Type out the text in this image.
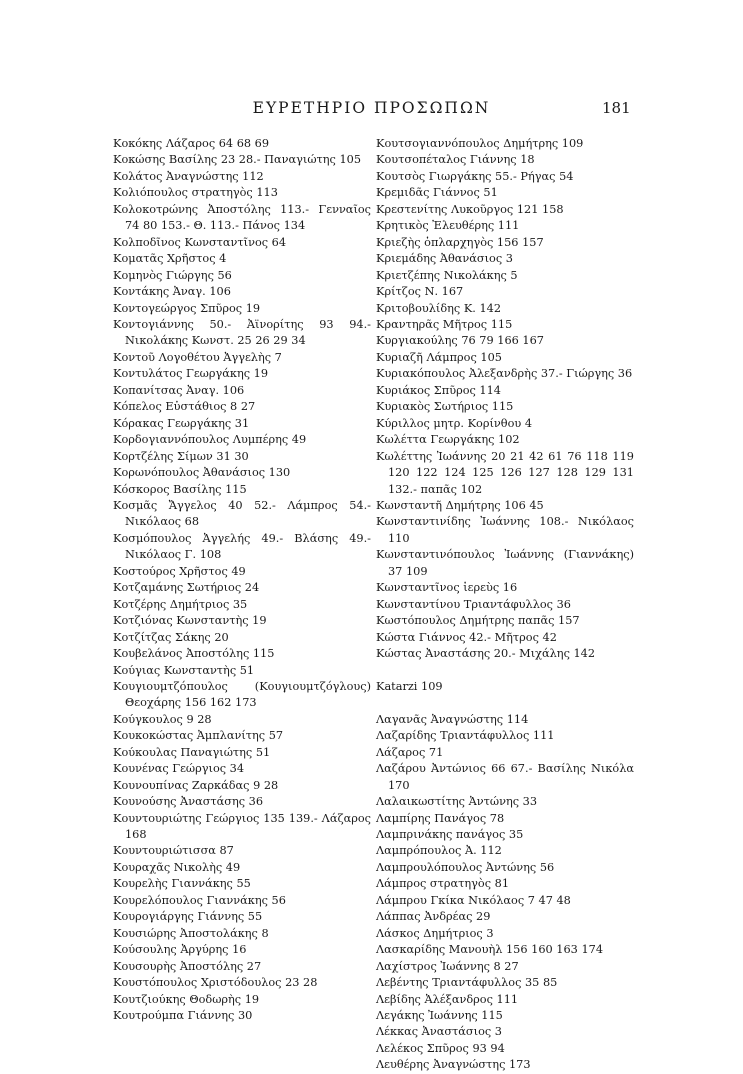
ΕΥΡΕΤΗΡΙΟ ΠΡΟΣΩΠΩΝ	181
Κοκόκης Λάζαρος 64 68 69
Κοκώσης Βασίλης 23 28.- Παναγιώτης 105
Κολάτος Ἀναγνώστης 112
Κολιόπουλος στρατηγὸς 113
Κολοκοτρώνης Ἀποστόλης 113.- Γενναῖος 74 80 153.- Θ. 113.- Πάνος 134
Κολποδῖνος Κωνσταντῖνος 64
Κοματᾶς Χρῆστος 4
Κομηνὸς Γιώργης 56
Κοντάκης Ἀναγ. 106
Κοντογεώργος Σπῦρος 19
Κοντογιάννης 50.- Ἀϊνορίτης 93 94.- Νικολάκης Κωνστ. 25 26 29 34
Κοντοῦ Λογοθέτου Ἀγγελὴς 7
Κοντυλάτος Γεωργάκης 19
Κοπανίτσας Ἀναγ. 106
Κόπελος Εὐστάθιος 8 27
Κόρακας Γεωργάκης 31
Κορδογιαννόπουλος Λυμπέρης 49
Κορτζέλης Σίμων 31 30
Κορωνόπουλος Ἀθανάσιος 130
Κόσκορος Βασίλης 115
Κοσμᾶς Ἄγγελος 40 52.- Λάμπρος 54.- Νικόλαος 68
Κοσμόπουλος Ἀγγελής 49.- Βλάσης 49.- Νικόλαος Γ. 108
Κοστούρος Χρῆστος 49
Κοτζαμάνης Σωτήριος 24
Κοτζέρης Δημήτριος 35
Κοτζιόνας Κωνσταντὴς 19
Κοτζίτζας Σάκης 20
Κουβελάνος Ἀποστόλης 115
Κούγιας Κωνσταντὴς 51
Κουγιουμτζόπουλος (Κουγιουμτζόγλους) Θεοχάρης 156 162 173
Κούγκουλος 9 28
Κουκοκώστας Ἀμπλανίτης 57
Κούκουλας Παναγιώτης 51
Κουνένας Γεώργιος 34
Κουνουπίνας Ζαρκάδας 9 28
Κουνούσης Ἀναστάσης 36
Κουντουριώτης Γεώργιος 135 139.- Λάζαρος 168
Κουντουριώτισσα 87
Κουραχᾶς Νικολὴς 49
Κουρελὴς Γιαννάκης 55
Κουρελόπουλος Γιαννάκης 56
Κουρογιάργης Γιάννης 55
Κουσιώρης Ἀποστολάκης 8
Κούσουλης Ἀργύρης 16
Κουσουρὴς Ἀποστόλης 27
Κουστόπουλος Χριστόδουλος 23 28
Κουτζιούκης Θοδωρὴς 19
Κουτρούμπα Γιάννης 30
Κουτσογιαννόπουλος Δημήτρης 109
Κουτσοπέταλος Γιάννης 18
Κουτσὸς Γιωργάκης 55.- Ρήγας 54
Κρεμιδᾶς Γιάννος 51
Κρεστενίτης Λυκοῦργος 121 158
Κρητικὸς Ἐλευθέρης 111
Κριεζὴς ὁπλαρχηγὸς 156 157
Κριεμάδης Ἀθανάσιος 3
Κριετζέπης Νικολάκης 5
Κρίτζος Ν. 167
Κριτοβουλίδης Κ. 142
Κραντηρᾶς Μῆτρος 115
Κυργιακούλης 76 79 166 167
Κυριαζῆ Λάμπρος 105
Κυριακόπουλος Ἀλεξανδρὴς 37.- Γιώργης 36
Κυριάκος Σπῦρος 114
Κυριακὸς Σωτήριος 115
Κύριλλος μητρ. Κορίνθου 4
Κωλέττα Γεωργάκης 102
Κωλέττης Ἰωάννης 20 21 42 61 76 118 119 120 122 124 125 126 127 128 129 131 132.- παπᾶς 102
Κωνσταντῆ Δημήτρης 106 45
Κωνσταντινίδης Ἰωάννης 108.- Νικόλαος 110
Κωνσταντινόπουλος Ἰωάννης (Γιαννάκης) 37 109
Κωνσταντῖνος ἱερεὺς 16
Κωνσταντίνου Τριαντάφυλλος 36
Κωστόπουλος Δημήτρης παπᾶς 157
Κώστα Γιάννος 42.- Μῆτρος 42
Κώστας Ἀναστάσης 20.- Μιχάλης 142
Katarzi 109
Λαγανᾶς Ἀναγνώστης 114
Λαζαρίδης Τριαντάφυλλος 111
Λάζαρος 71
Λαζάρου Ἀντώνιος 66 67.- Βασίλης Νικόλα 170
Λαλαικωστίτης Ἀντώνης 33
Λαμπίρης Πανάγος 78
Λαμπρινάκης πανάγος 35
Λαμπρόπουλος Ἀ. 112
Λαμπρουλόπουλος Ἀντώνης 56
Λάμπρος στρατηγὸς 81
Λάμπρου Γκίκα Νικόλαος 7 47 48
Λάππας Ἀνδρέας 29
Λάσκος Δημήτριος 3
Λασκαρίδης Μανουὴλ 156 160 163 174
Λαχίστρος Ἰωάννης 8 27
Λεβέντης Τριαντάφυλλος 35 85
Λεβίδης Ἀλέξανδρος 111
Λεγάκης Ἰωάννης 115
Λέκκας Ἀναστάσιος 3
Λελέκος Σπῦρος 93 94
Λευθέρης Ἀναγνώστης 173
